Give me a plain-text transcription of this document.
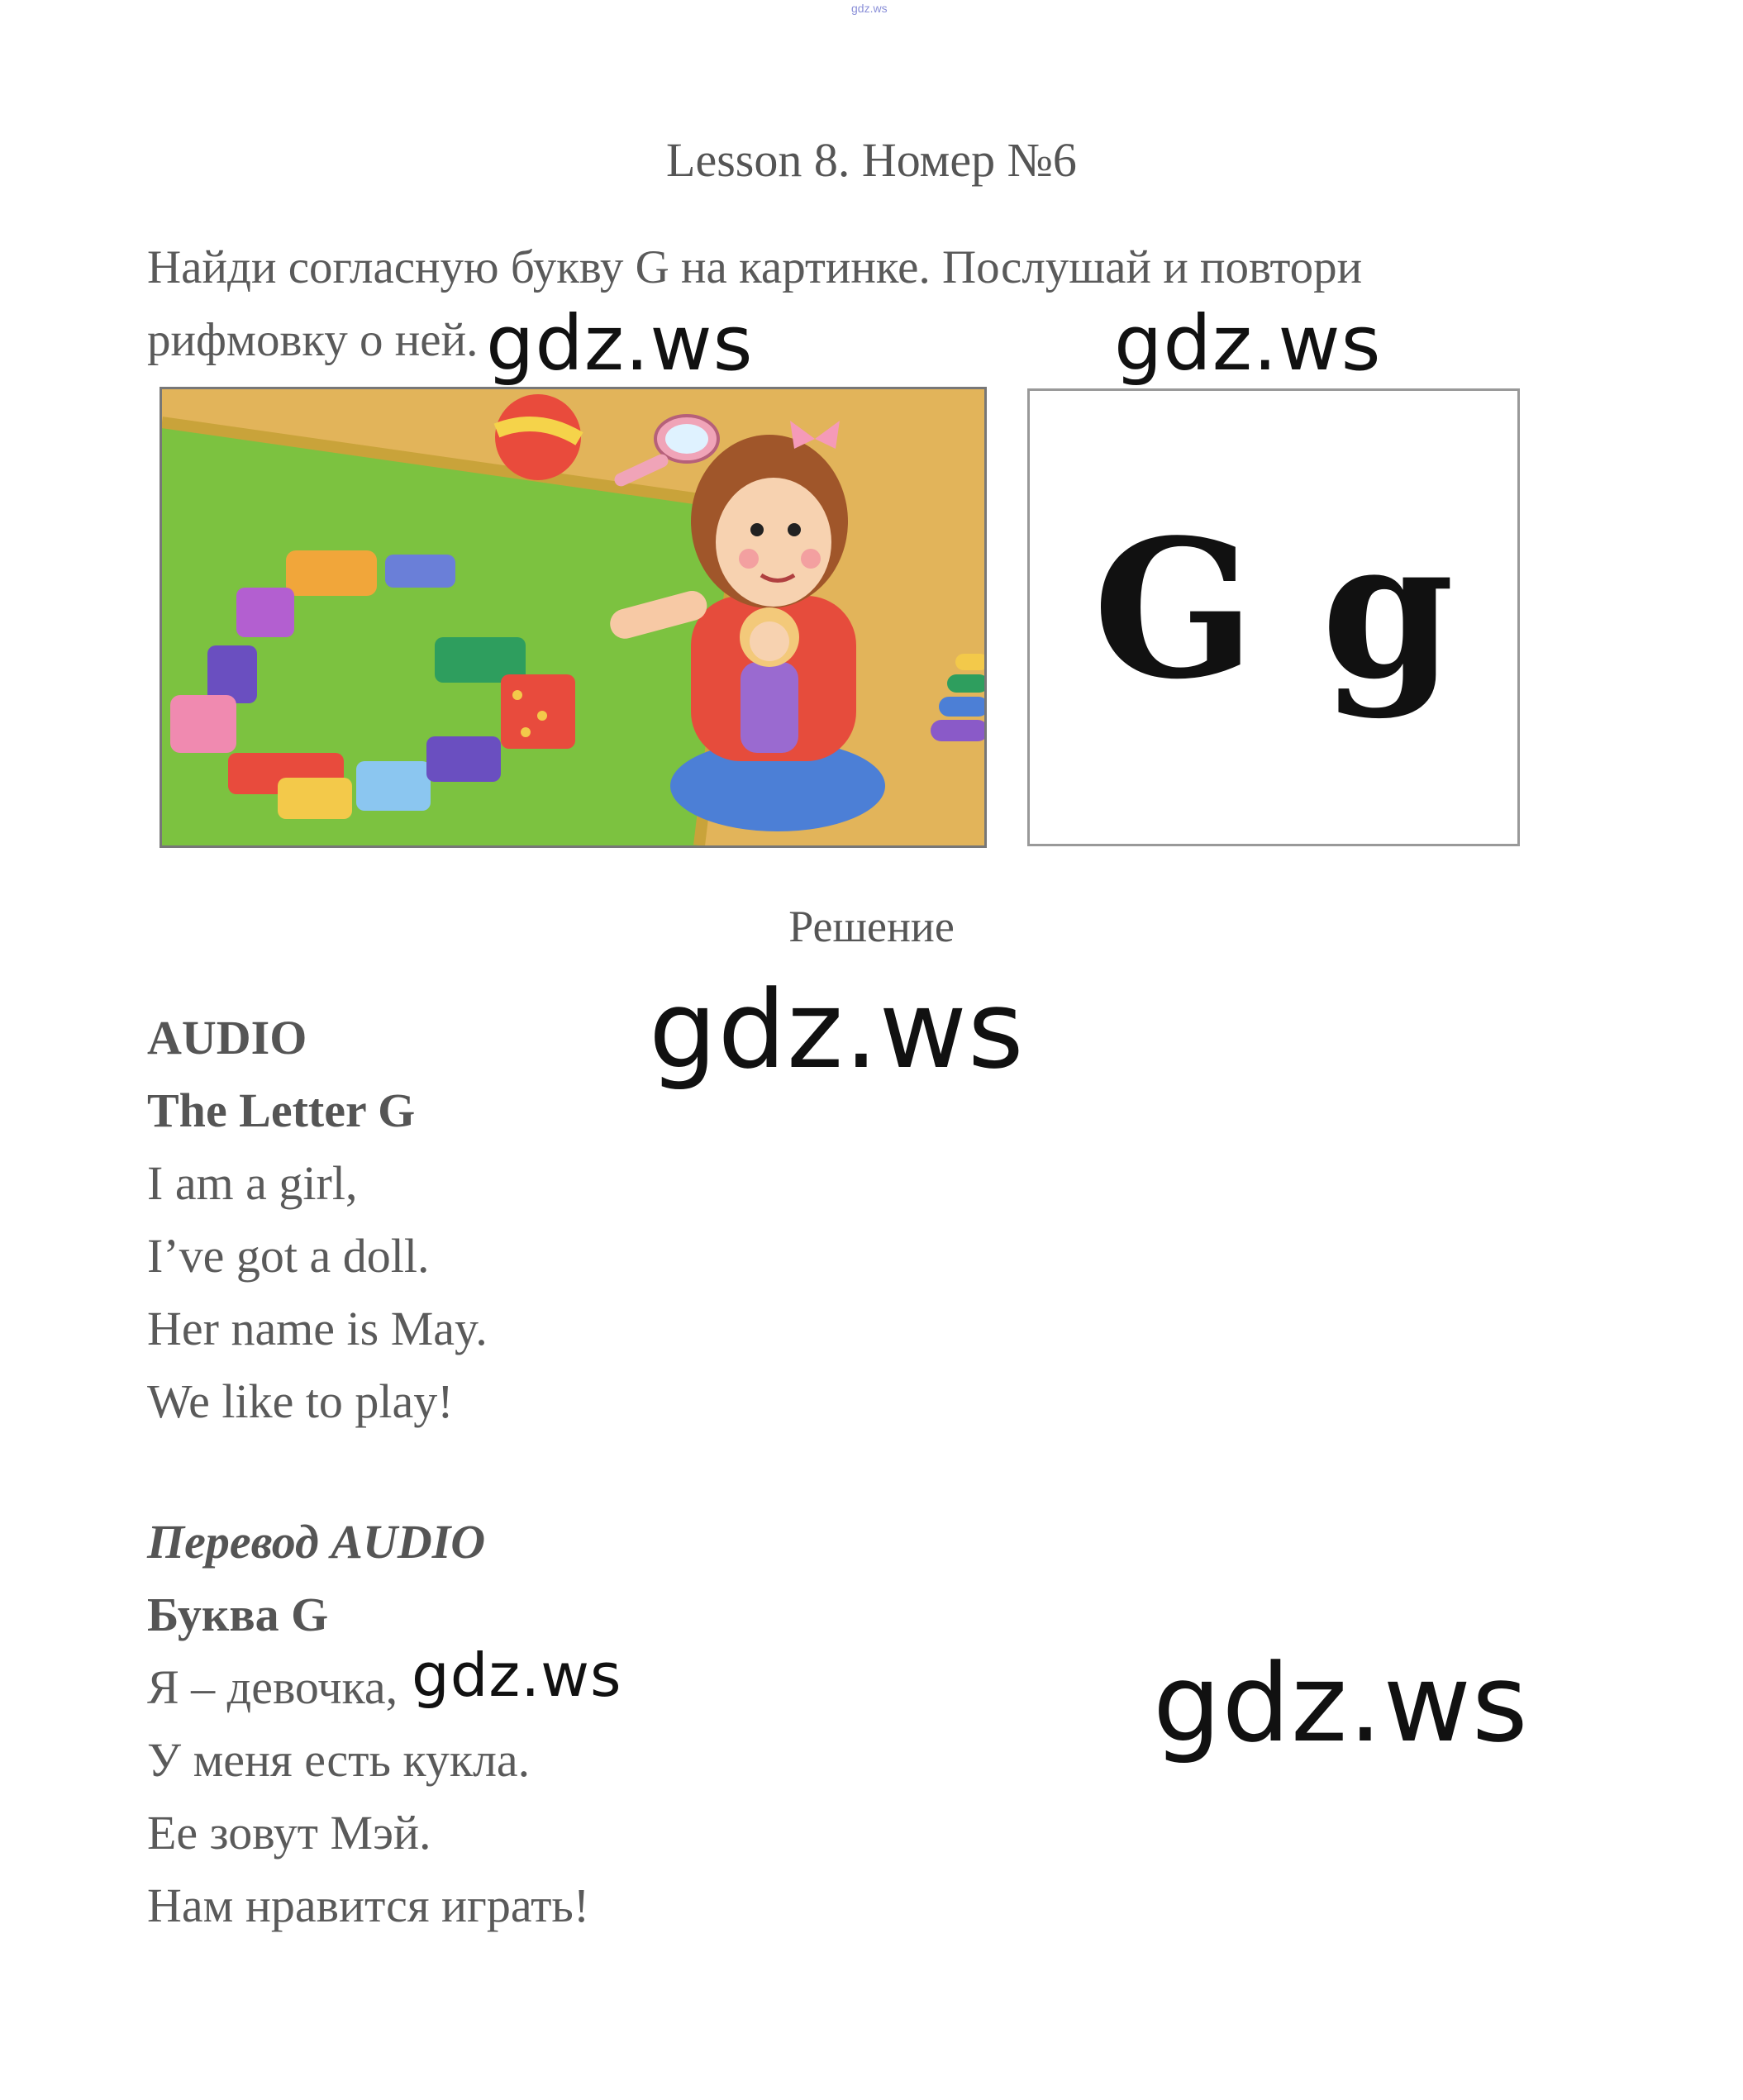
gdz.ws
Lesson 8. Номер №6
Найди согласную букву G на картинке. Послушай и повтори
рифмовку о ней. gdz.ws	gdz.ws
G g
Решение
gdz.ws
AUDIO
The Letter G
I am a girl,
I’ve got a doll.
Her name is May.
We like to play!
Перевод AUDIO
Буква G
Я – девочка,
У меня есть кукла.
Ее зовут Мэй.
Нам нравится играть!
gdz.ws	gdz.ws
